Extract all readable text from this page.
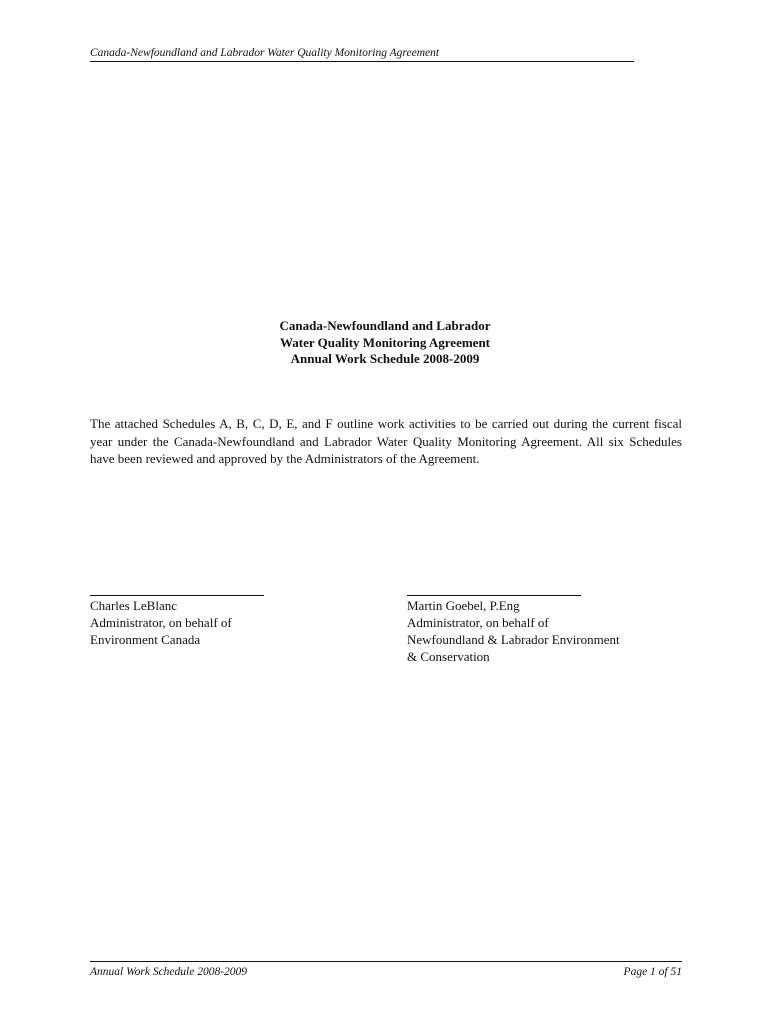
Canada-Newfoundland and Labrador Water Quality Monitoring Agreement
Canada-Newfoundland and Labrador
Water Quality Monitoring Agreement
Annual Work Schedule 2008-2009
The attached Schedules A, B, C, D, E, and F outline work activities to be carried out during the current fiscal year under the Canada-Newfoundland and Labrador Water Quality Monitoring Agreement. All six Schedules have been reviewed and approved by the Administrators of the Agreement.
Charles LeBlanc
Administrator, on behalf of
Environment Canada
Martin Goebel, P.Eng
Administrator, on behalf of
Newfoundland & Labrador Environment
& Conservation
Annual Work Schedule 2008-2009	Page 1 of 51
